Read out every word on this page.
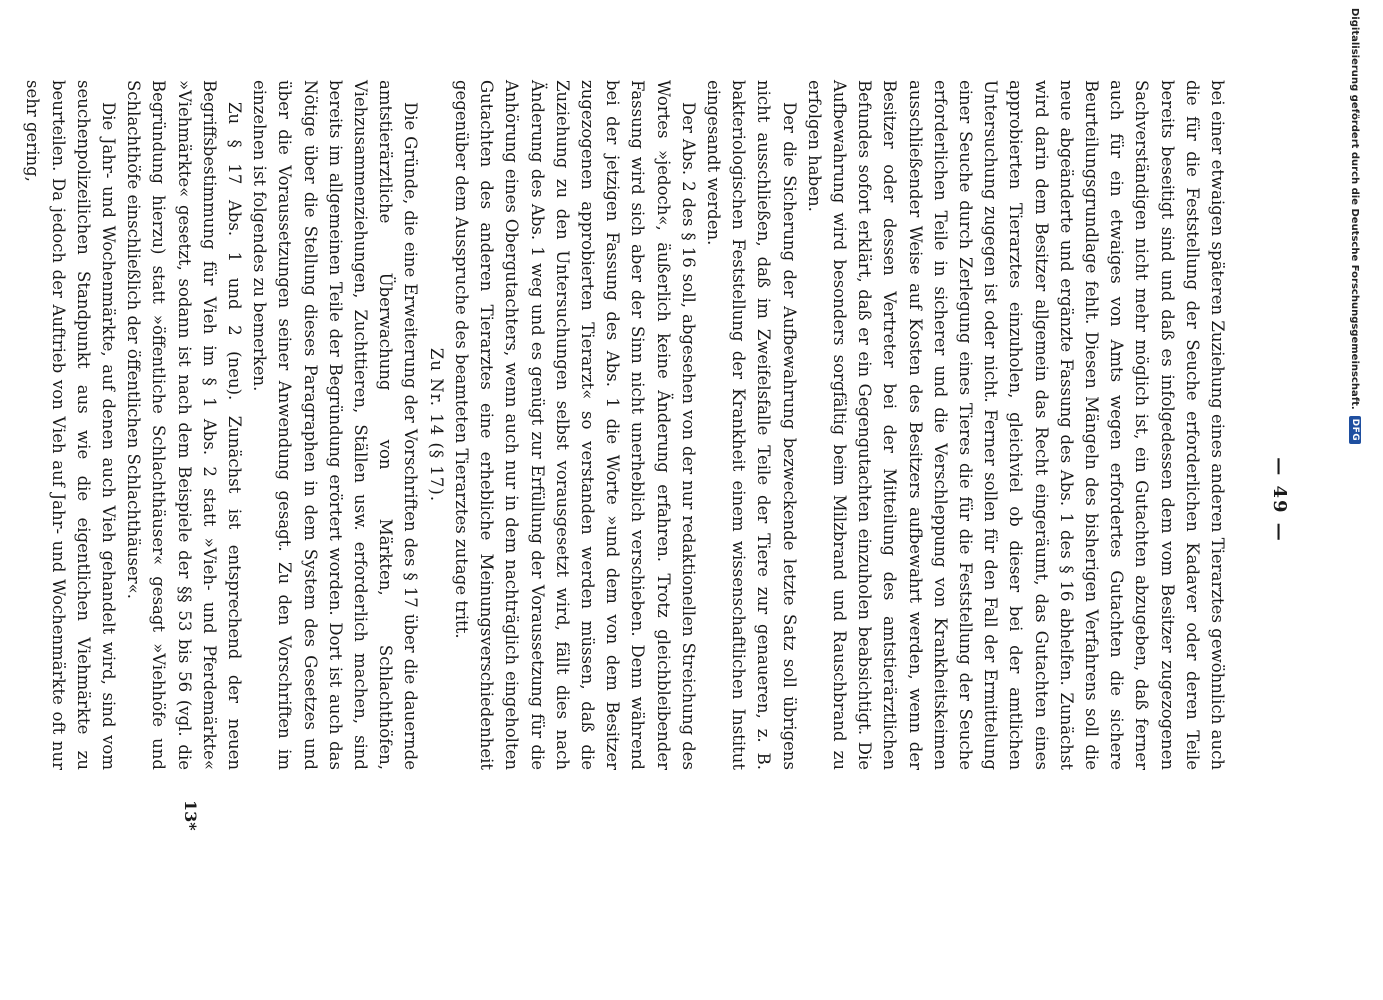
— 49 —

bei einer etwaigen späteren Zuziehung eines anderen Tierarztes gewöhnlich auch die für die Feststellung der Seuche erforderlichen Kadaver oder deren Teile bereits beseitigt sind und daß es infolgedessen dem vom Besitzer zugezogenen Sachverständigen nicht mehr möglich ist, ein Gutachten abzugeben, daß ferner auch für ein etwaiges von Amts wegen erfordertes Gutachten die sichere Beurteilungsgrundlage fehlt. Diesen Mängeln des bisherigen Verfahrens soll die neue abgeänderte und ergänzte Fassung des Abs. 1 des § 16 abhelfen. Zunächst wird darin dem Besitzer allgemein das Recht eingeräumt, das Gutachten eines approbierten Tierarztes einzuholen, gleichviel ob dieser bei der amtlichen Untersuchung zugegen ist oder nicht. Ferner sollen für den Fall der Ermittelung einer Seuche durch Zerlegung eines Tieres die für die Feststellung der Seuche erforderlichen Teile in sicherer und die Verschleppung von Krankheitskeimen ausschließender Weise auf Kosten des Besitzers aufbewahrt werden, wenn der Besitzer oder dessen Vertreter bei der Mitteilung des amtstierärztlichen Befundes sofort erklärt, daß er ein Gegengutachten einzuholen beabsichtigt. Die Aufbewahrung wird besonders sorgfältig beim Milzbrand und Rauschbrand zu erfolgen haben.

Der die Sicherung der Aufbewahrung bezweckende letzte Satz soll übrigens nicht ausschließen, daß im Zweifelsfalle Teile der Tiere zur genaueren, z. B. bakteriologischen Feststellung der Krankheit einem wissenschaftlichen Institut eingesandt werden.

Der Abs. 2 des § 16 soll, abgesehen von der nur redaktionellen Streichung des Wortes »jedoch«, äußerlich keine Änderung erfahren. Trotz gleichbleibender Fassung wird sich aber der Sinn nicht unerheblich verschieben. Denn während bei der jetzigen Fassung des Abs. 1 die Worte »und dem von dem Besitzer zugezogenen approbierten Tierarzt« so verstanden werden müssen, daß die Zuziehung zu den Untersuchungen selbst vorausgesetzt wird, fällt dies nach Änderung des Abs. 1 weg und es genügt zur Erfüllung der Voraussetzung für die Anhörung eines Obergutachters, wenn auch nur in dem nachträglich eingeholten Gutachten des anderen Tierarztes eine erhebliche Meinungsverschiedenheit gegenüber dem Ausspruche des beamteten Tierarztes zutage tritt.

Zu Nr. 14 (§ 17).

Die Gründe, die eine Erweiterung der Vorschriften des § 17 über die dauernde amtstierärztliche Überwachung von Märkten, Schlachthöfen, Viehzusammenziehungen, Zuchttieren, Ställen usw. erforderlich machen, sind bereits im allgemeinen Teile der Begründung erörtert worden. Dort ist auch das Nötige über die Stellung dieses Paragraphen in dem System des Gesetzes und über die Voraussetzungen seiner Anwendung gesagt. Zu den Vorschriften im einzelnen ist folgendes zu bemerken.

Zu § 17 Abs. 1 und 2 (neu). Zunächst ist entsprechend der neuen Begriffsbestimmung für Vieh im § 1 Abs. 2 statt »Vieh- und Pferdemärkte« »Viehmärkte« gesetzt, sodann ist nach dem Beispiele der §§ 53 bis 56 (vgl. die Begründung hierzu) statt »öffentliche Schlachthäuser« gesagt »Viehhöfe und Schlachthöfe einschließlich der öffentlichen Schlachthäuser«.

Die Jahr- und Wochenmärkte, auf denen auch Vieh gehandelt wird, sind vom seuchenpolizeilichen Standpunkt aus wie die eigentlichen Viehmärkte zu beurteilen. Da jedoch der Auftrieb von Vieh auf Jahr- und Wochenmärkte oft nur sehr gering,

13*
Digitalisierung gefördert durch die Deutsche Forschungsgemeinschaft.
DFG
